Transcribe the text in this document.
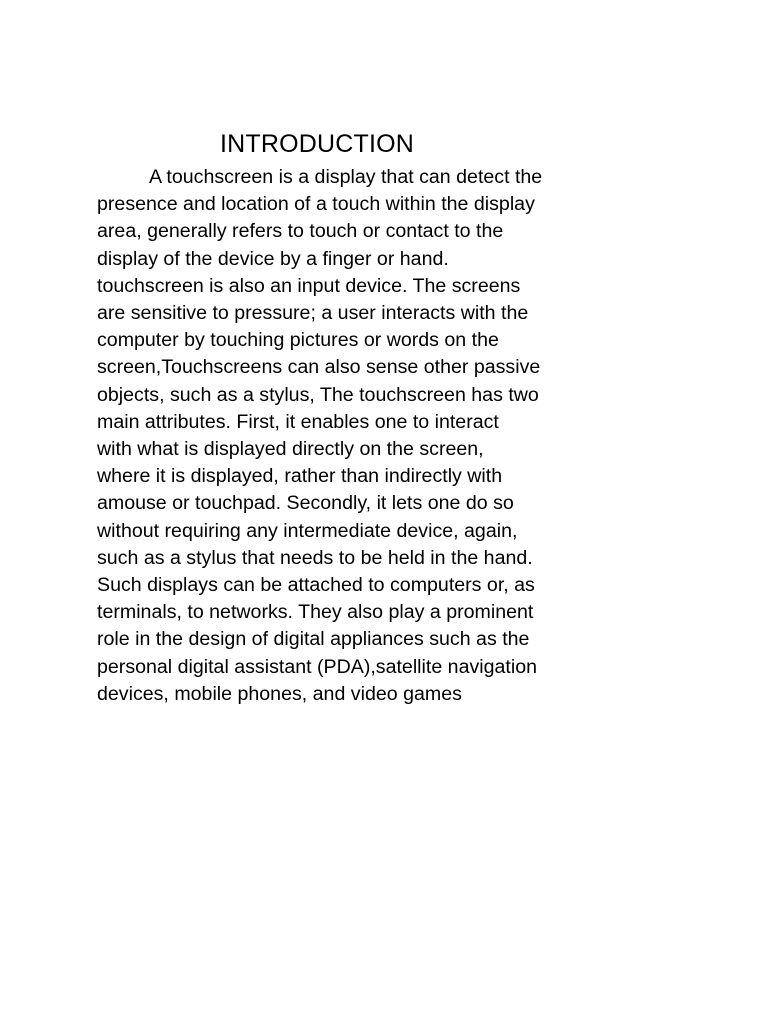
INTRODUCTION
A touchscreen is a display that can detect the
presence and location of a touch within the display
area, generally refers to touch or contact to the
display of the device by a finger or hand.
touchscreen is also an input device. The screens
are sensitive to pressure; a user interacts with the
computer by touching pictures or words on the
screen,Touchscreens can also sense other passive
objects, such as a stylus, The touchscreen has two
main attributes. First, it enables one to interact
with what is displayed directly on the screen,
where it is displayed, rather than indirectly with
amouse or touchpad. Secondly, it lets one do so
without requiring any intermediate device, again,
such as a stylus that needs to be held in the hand.
Such displays can be attached to computers or, as
terminals, to networks. They also play a prominent
role in the design of digital appliances such as the
personal digital assistant (PDA),satellite navigation
devices, mobile phones, and video games
